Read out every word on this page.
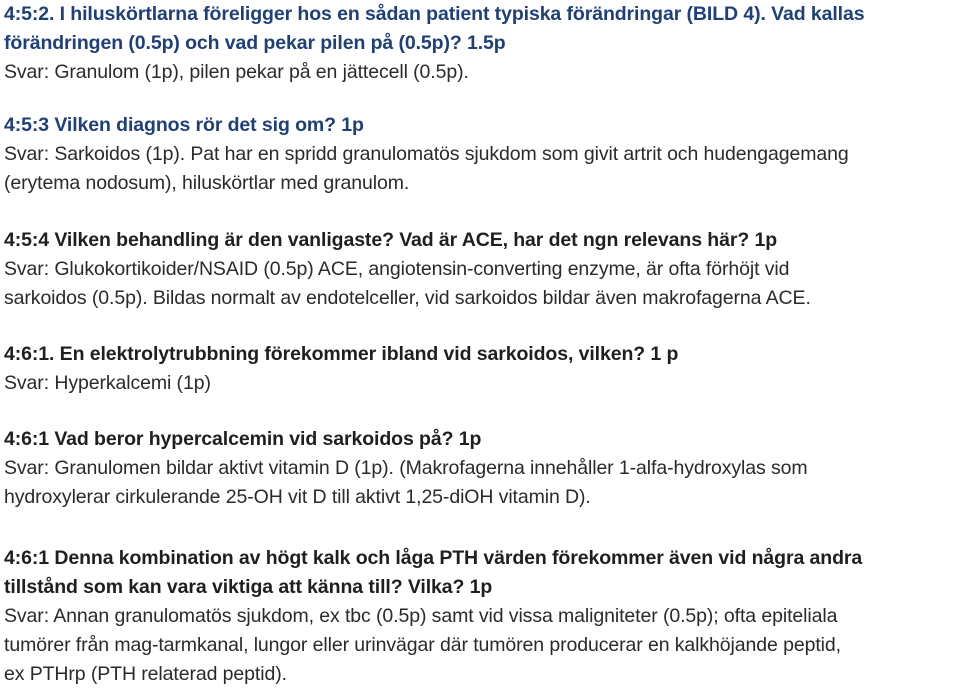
4:5:2. I hiluskörtlarna föreligger hos en sådan patient typiska förändringar (BILD 4). Vad kallas
förändringen (0.5p) och vad pekar pilen på (0.5p)? 1.5p
Svar: Granulom (1p), pilen pekar på en jättecell (0.5p).
4:5:3 Vilken diagnos rör det sig om? 1p
Svar: Sarkoidos (1p). Pat har en spridd granulomatös sjukdom som givit artrit och hudengagemang
(erytema nodosum), hiluskörtlar med granulom.
4:5:4 Vilken behandling är den vanligaste? Vad är ACE, har det ngn relevans här? 1p
Svar: Glukokortikoider/NSAID (0.5p) ACE, angiotensin-converting enzyme, är ofta förhöjt vid
sarkoidos (0.5p). Bildas normalt av endotelceller, vid sarkoidos bildar även makrofagerna ACE.
4:6:1. En elektrolytrubbning förekommer ibland vid sarkoidos, vilken? 1 p
Svar: Hyperkalcemi (1p)
4:6:1 Vad beror hypercalcemin vid sarkoidos på? 1p
Svar: Granulomen bildar aktivt vitamin D (1p). (Makrofagerna innehåller 1-alfa-hydroxylas som
hydroxylerar cirkulerande 25-OH vit D till aktivt 1,25-diOH vitamin D).
4:6:1 Denna kombination av högt kalk och låga PTH värden förekommer även vid några andra
tillstånd som kan vara viktiga att känna till? Vilka? 1p
Svar: Annan granulomatös sjukdom, ex tbc (0.5p) samt vid vissa maligniteter (0.5p); ofta epiteliala
tumörer från mag-tarmkanal, lungor eller urinvägar där tumören producerar en kalkhöjande peptid,
ex PTHrp (PTH relaterad peptid).
